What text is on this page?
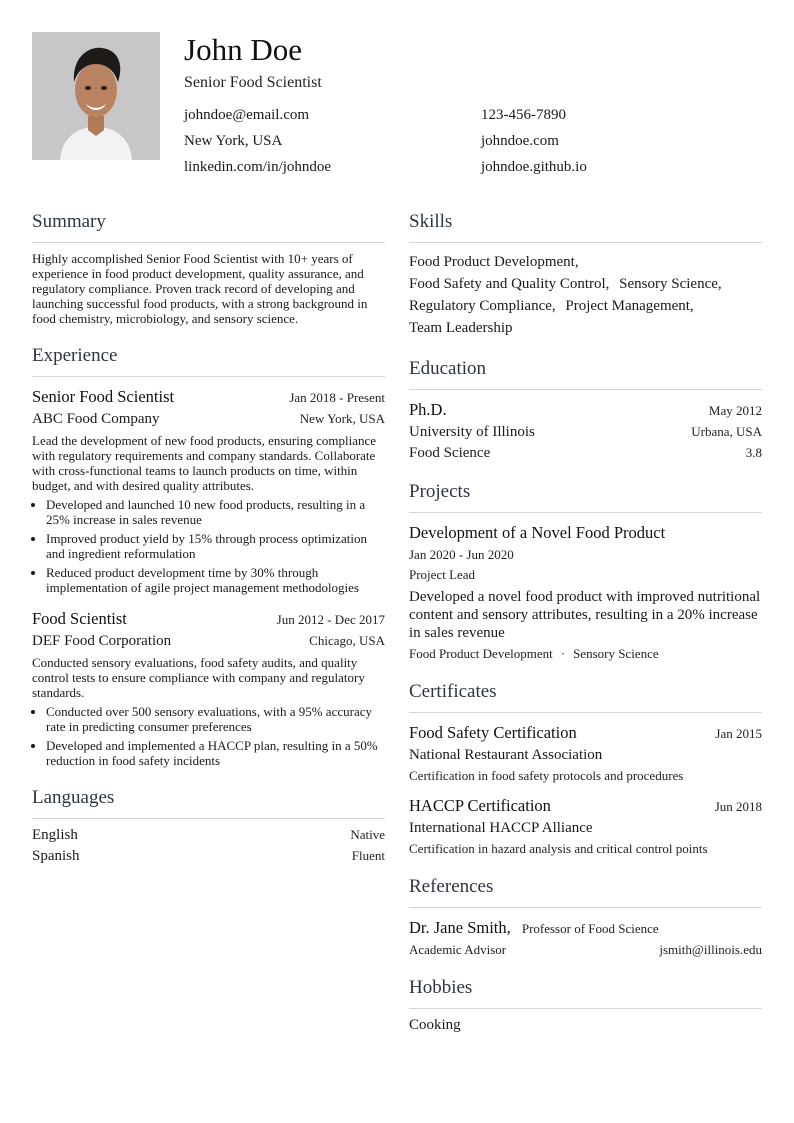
John Doe
Senior Food Scientist
johndoe@email.com	123-456-7890
New York, USA	johndoe.com
linkedin.com/in/johndoe	johndoe.github.io
Summary
Highly accomplished Senior Food Scientist with 10+ years of experience in food product development, quality assurance, and regulatory compliance. Proven track record of developing and launching successful food products, with a strong background in food chemistry, microbiology, and sensory science.
Experience
Senior Food Scientist	Jan 2018 - Present
ABC Food Company	New York, USA
Lead the development of new food products, ensuring compliance with regulatory requirements and company standards. Collaborate with cross-functional teams to launch products on time, within budget, and with desired quality attributes.
• Developed and launched 10 new food products, resulting in a 25% increase in sales revenue
• Improved product yield by 15% through process optimization and ingredient reformulation
• Reduced product development time by 30% through implementation of agile project management methodologies
Food Scientist	Jun 2012 - Dec 2017
DEF Food Corporation	Chicago, USA
Conducted sensory evaluations, food safety audits, and quality control tests to ensure compliance with company and regulatory standards.
• Conducted over 500 sensory evaluations, with a 95% accuracy rate in predicting consumer preferences
• Developed and implemented a HACCP plan, resulting in a 50% reduction in food safety incidents
Languages
English	Native
Spanish	Fluent
Skills
Food Product Development,
Food Safety and Quality Control, Sensory Science,
Regulatory Compliance, Project Management,
Team Leadership
Education
Ph.D.	May 2012
University of Illinois	Urbana, USA
Food Science	3.8
Projects
Development of a Novel Food Product
Jan 2020 - Jun 2020
Project Lead
Developed a novel food product with improved nutritional content and sensory attributes, resulting in a 20% increase in sales revenue
Food Product Development · Sensory Science
Certificates
Food Safety Certification	Jan 2015
National Restaurant Association
Certification in food safety protocols and procedures
HACCP Certification	Jun 2018
International HACCP Alliance
Certification in hazard analysis and critical control points
References
Dr. Jane Smith, Professor of Food Science
Academic Advisor	jsmith@illinois.edu
Hobbies
Cooking
